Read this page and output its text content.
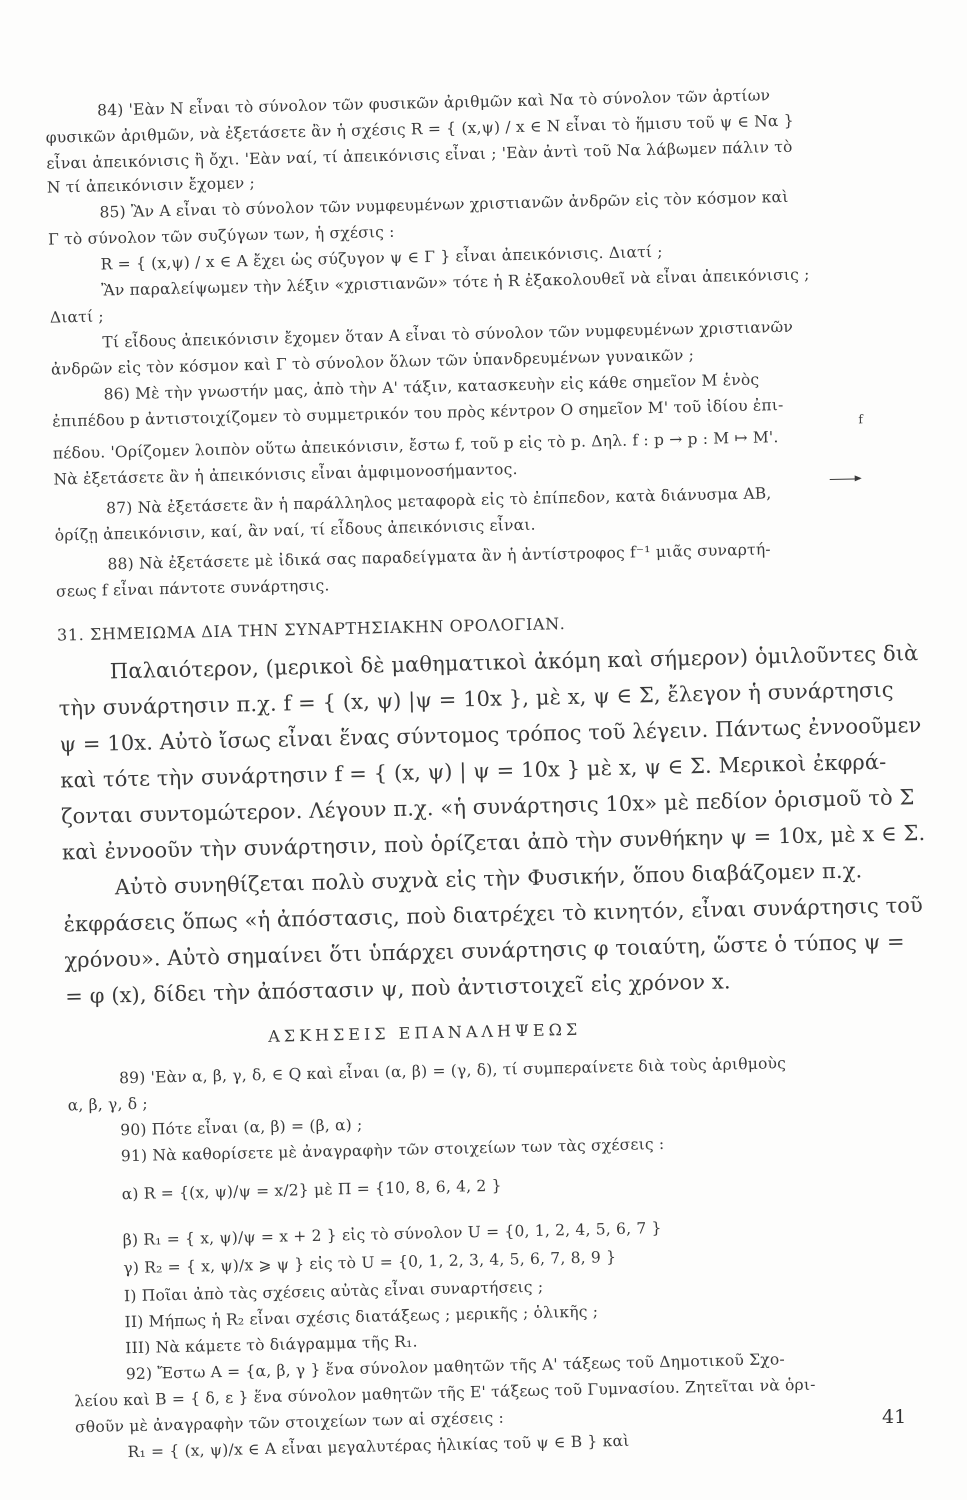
84) 'Εὰν N εἶναι τὸ σύνολον τῶν φυσικῶν ἀριθμῶν καὶ Nα τὸ σύνολον τῶν ἀρτίων
φυσικῶν ἀριθμῶν, νὰ ἐξετάσετε ἂν ἡ σχέσις R = { (x,ψ) / x ∈ N εἶναι τὸ ἥμισυ τοῦ ψ ∈ Nα }
εἶναι ἀπεικόνισις ἢ ὄχι. 'Εὰν ναί, τί ἀπεικόνισις εἶναι ; 'Εὰν ἀντὶ τοῦ Nα λάβωμεν πάλιν τὸ
N τί ἀπεικόνισιν ἔχομεν ;
85) Ἂν A εἶναι τὸ σύνολον τῶν νυμφευμένων χριστιανῶν ἀνδρῶν εἰς τὸν κόσμον καὶ
Γ τὸ σύνολον τῶν συζύγων των, ἡ σχέσις :
R = { (x,ψ) / x ∈ A ἔχει ὡς σύζυγον ψ ∈ Γ } εἶναι ἀπεικόνισις. Διατί ;
Ἂν παραλείψωμεν τὴν λέξιν «χριστιανῶν» τότε ἡ R ἐξακολουθεῖ νὰ εἶναι ἀπεικόνισις ;
Διατί ;
Τί εἶδους ἀπεικόνισιν ἔχομεν ὅταν A εἶναι τὸ σύνολον τῶν νυμφευμένων χριστιανῶν
ἀνδρῶν εἰς τὸν κόσμον καὶ Γ τὸ σύνολον ὅλων τῶν ὑπανδρευμένων γυναικῶν ;
86) Μὲ τὴν γνωστήν μας, ἀπὸ τὴν A' τάξιν, κατασκευὴν εἰς κάθε σημεῖον M ἑνὸς
ἐπιπέδου p ἀντιστοιχίζομεν τὸ συμμετρικόν του πρὸς κέντρον O σημεῖον M' τοῦ ἰδίου ἐπι-	f
πέδου. 'Ορίζομεν λοιπὸν οὕτω ἀπεικόνισιν, ἔστω f, τοῦ p εἰς τὸ p. Δηλ. f : p → p : M ↦ M'.
Νὰ ἐξετάσετε ἂν ἡ ἀπεικόνισις εἶναι ἀμφιμονοσήμαντος.
87) Νὰ ἐξετάσετε ἂν ἡ παράλληλος μεταφορὰ εἰς τὸ ἐπίπεδον, κατὰ διάνυσμα AB,
ὁρίζῃ ἀπεικόνισιν, καί, ἂν ναί, τί εἶδους ἀπεικόνισις εἶναι.
88) Νὰ ἐξετάσετε μὲ ἰδικά σας παραδείγματα ἂν ἡ ἀντίστροφος f⁻¹ μιᾶς συναρτή-
σεως f εἶναι πάντοτε συνάρτησις.
31. ΣΗΜΕΙΩΜΑ ΔΙΑ ΤΗΝ ΣΥΝΑΡΤΗΣΙΑΚΗΝ ΟΡΟΛΟΓΙΑΝ.
Παλαιότερον, (μερικοὶ δὲ μαθηματικοὶ ἀκόμη καὶ σήμερον) ὁμιλοῦντες διὰ
τὴν συνάρτησιν π.χ. f = { (x, ψ) |ψ = 10x }, μὲ x, ψ ∈ Σ, ἔλεγον ἡ συνάρτησις
ψ = 10x. Αὐτὸ ἴσως εἶναι ἕνας σύντομος τρόπος τοῦ λέγειν. Πάντως ἐννοοῦμεν
καὶ τότε τὴν συνάρτησιν f = { (x, ψ) | ψ = 10x } μὲ x, ψ ∈ Σ. Μερικοὶ ἐκφρά-
ζονται συντομώτερον. Λέγουν π.χ. «ἡ συνάρτησις 10x» μὲ πεδίον ὁρισμοῦ τὸ Σ
καὶ ἐννοοῦν τὴν συνάρτησιν, ποὺ ὁρίζεται ἀπὸ τὴν συνθήκην ψ = 10x, μὲ x ∈ Σ.
Αὐτὸ συνηθίζεται πολὺ συχνὰ εἰς τὴν Φυσικήν, ὅπου διαβάζομεν π.χ.
ἐκφράσεις ὅπως «ἡ ἀπόστασις, ποὺ διατρέχει τὸ κινητόν, εἶναι συνάρτησις τοῦ
χρόνου». Αὐτὸ σημαίνει ὅτι ὑπάρχει συνάρτησις φ τοιαύτη, ὥστε ὁ τύπος ψ =
= φ (x), δίδει τὴν ἀπόστασιν ψ, ποὺ ἀντιστοιχεῖ εἰς χρόνον x.
ΑΣΚΗΣΕΙΣ ΕΠΑΝΑΛΗΨΕΩΣ
89) 'Εὰν α, β, γ, δ, ∈ Q καὶ εἶναι (α, β) = (γ, δ), τί συμπεραίνετε διὰ τοὺς ἀριθμοὺς
α, β, γ, δ ;
90) Πότε εἶναι (α, β) = (β, α) ;
91) Νὰ καθορίσετε μὲ ἀναγραφὴν τῶν στοιχείων των τὰς σχέσεις :
α) R = {(x, ψ)/ψ = x/2} μὲ Π = {10, 8, 6, 4, 2 }
β) R₁ = { x, ψ)/ψ = x + 2 } εἰς τὸ σύνολον U = {0, 1, 2, 4, 5, 6, 7 }
γ) R₂ = { x, ψ)/x ⩾ ψ } εἰς τὸ U = {0, 1, 2, 3, 4, 5, 6, 7, 8, 9 }
I) Ποῖαι ἀπὸ τὰς σχέσεις αὐτὰς εἶναι συναρτήσεις ;
II) Μήπως ἡ R₂ εἶναι σχέσις διατάξεως ; μερικῆς ; ὁλικῆς ;
III) Νὰ κάμετε τὸ διάγραμμα τῆς R₁.
92) Ἔστω A = {α, β, γ } ἕνα σύνολον μαθητῶν τῆς A' τάξεως τοῦ Δημοτικοῦ Σχο-
λείου καὶ B = { δ, ε } ἕνα σύνολον μαθητῶν τῆς E' τάξεως τοῦ Γυμνασίου. Ζητεῖται νὰ ὁρι-
σθοῦν μὲ ἀναγραφὴν τῶν στοιχείων των αἱ σχέσεις :
R₁ = { (x, ψ)/x ∈ A εἶναι μεγαλυτέρας ἡλικίας τοῦ ψ ∈ B } καὶ
41
